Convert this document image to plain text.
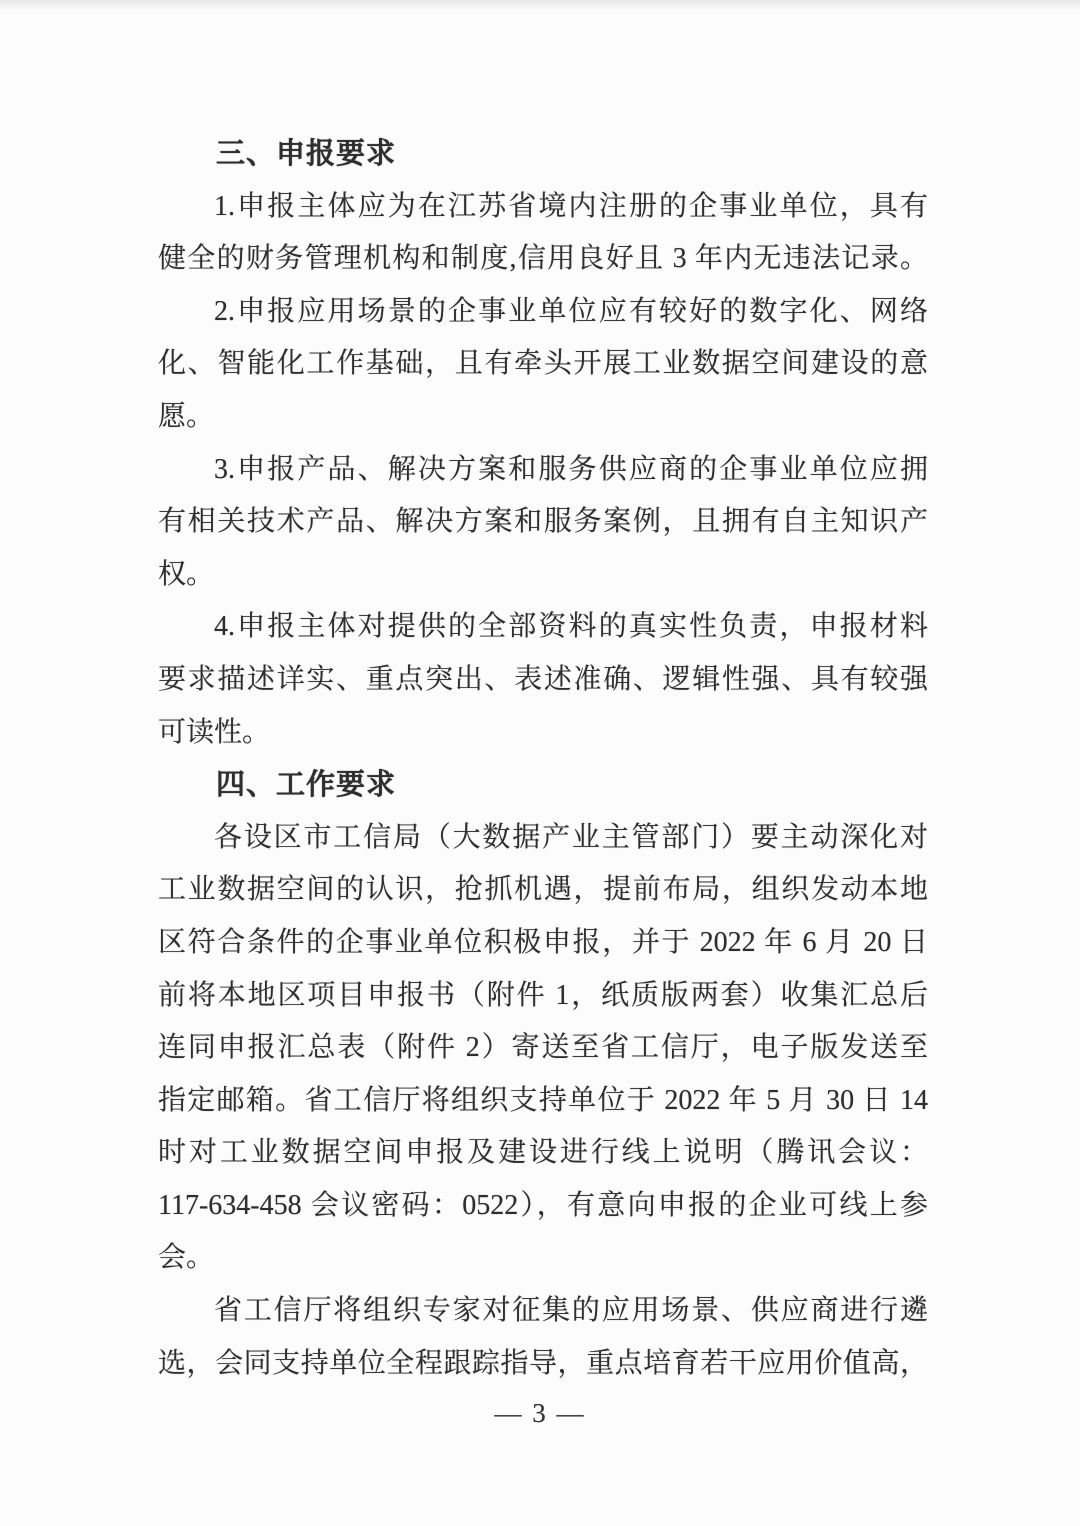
三、申报要求
1.申报主体应为在江苏省境内注册的企事业单位，具有
健全的财务管理机构和制度,信用良好且 3 年内无违法记录。
2.申报应用场景的企事业单位应有较好的数字化、网络
化、智能化工作基础，且有牵头开展工业数据空间建设的意
愿。
3.申报产品、解决方案和服务供应商的企事业单位应拥
有相关技术产品、解决方案和服务案例，且拥有自主知识产
权。
4.申报主体对提供的全部资料的真实性负责，申报材料
要求描述详实、重点突出、表述准确、逻辑性强、具有较强
可读性。
四、工作要求
各设区市工信局（大数据产业主管部门）要主动深化对
工业数据空间的认识，抢抓机遇，提前布局，组织发动本地
区符合条件的企事业单位积极申报，并于 2022 年 6 月 20 日
前将本地区项目申报书（附件 1，纸质版两套）收集汇总后
连同申报汇总表（附件 2）寄送至省工信厅，电子版发送至
指定邮箱。省工信厅将组织支持单位于 2022 年 5 月 30 日 14
时对工业数据空间申报及建设进行线上说明（腾讯会议：
117-634-458 会议密码：0522），有意向申报的企业可线上参
会。
省工信厅将组织专家对征集的应用场景、供应商进行遴
选，会同支持单位全程跟踪指导，重点培育若干应用价值高，
— 3 —
